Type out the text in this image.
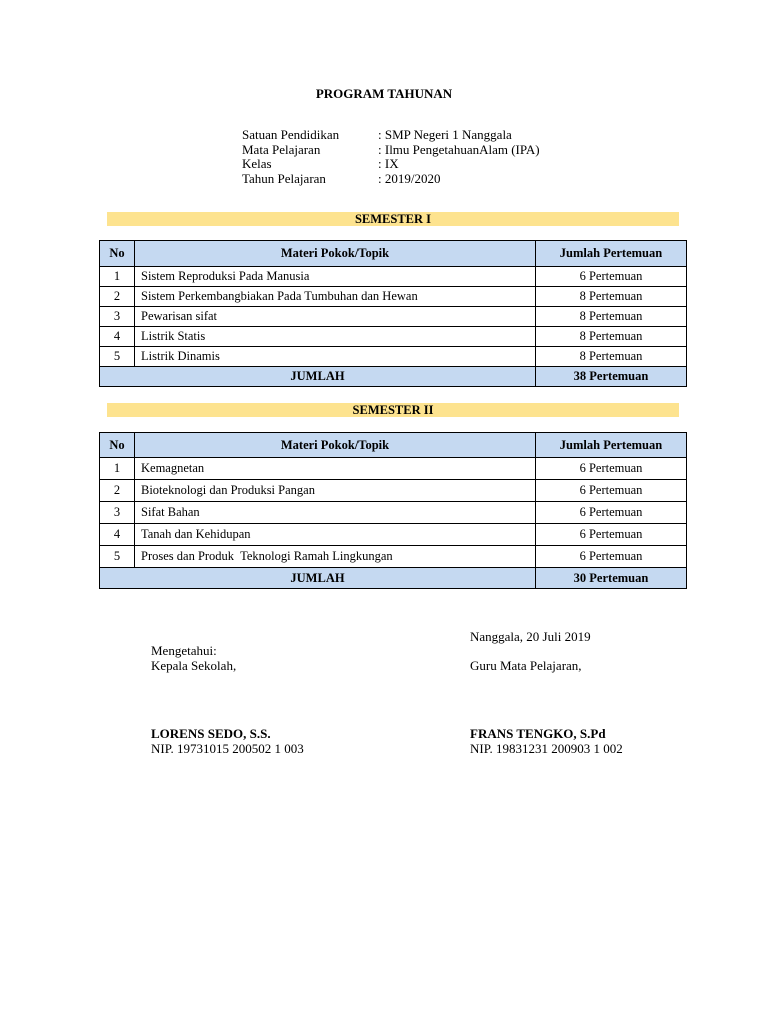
PROGRAM TAHUNAN
Satuan Pendidikan	: SMP Negeri 1 Nanggala
Mata Pelajaran	: Ilmu PengetahuanAlam (IPA)
Kelas	: IX
Tahun Pelajaran	: 2019/2020
SEMESTER I
No	Materi Pokok/Topik	Jumlah Pertemuan
1	Sistem Reproduksi Pada Manusia	6 Pertemuan
2	Sistem Perkembangbiakan Pada Tumbuhan dan Hewan	8 Pertemuan
3	Pewarisan sifat	8 Pertemuan
4	Listrik Statis	8 Pertemuan
5	Listrik Dinamis	8 Pertemuan
JUMLAH		38 Pertemuan
SEMESTER II
No	Materi Pokok/Topik	Jumlah Pertemuan
1	Kemagnetan	6 Pertemuan
2	Bioteknologi dan Produksi Pangan	6 Pertemuan
3	Sifat Bahan	6 Pertemuan
4	Tanah dan Kehidupan	6 Pertemuan
5	Proses dan Produk  Teknologi Ramah Lingkungan	6 Pertemuan
JUMLAH		30 Pertemuan
Nanggala, 20 Juli 2019
Mengetahui:
Kepala Sekolah,	Guru Mata Pelajaran,
LORENS SEDO, S.S.
NIP. 19731015 200502 1 003
FRANS TENGKO, S.Pd
NIP. 19831231 200903 1 002
